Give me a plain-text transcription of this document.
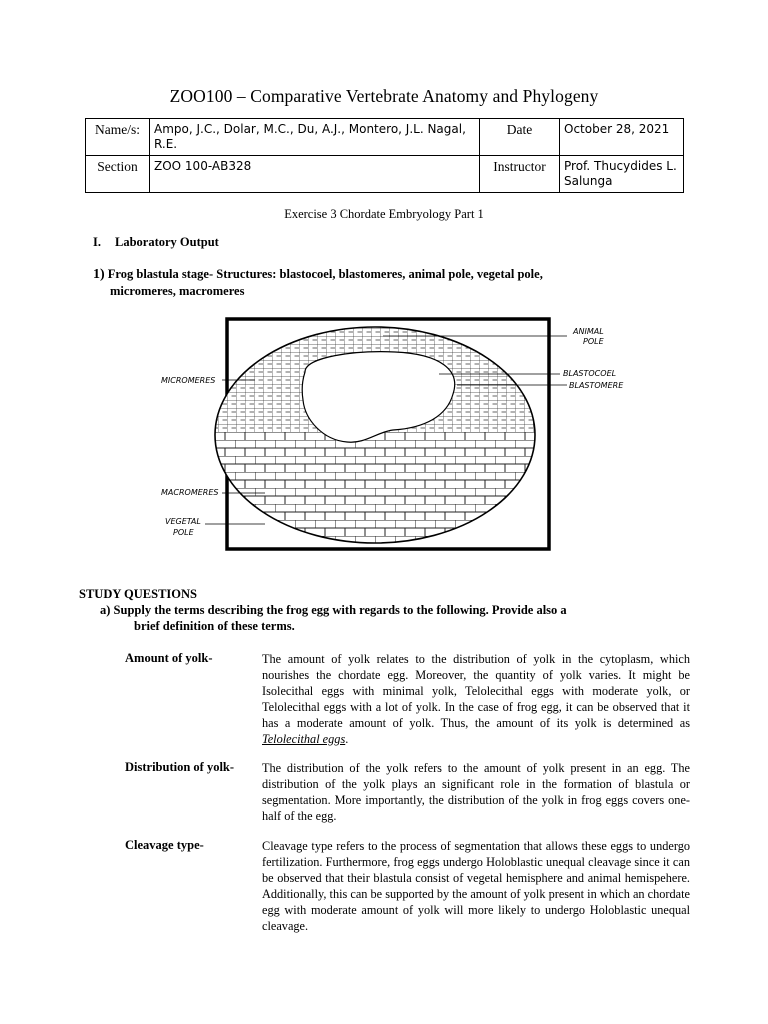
ZOO100 – Comparative Vertebrate Anatomy and Phylogeny
Name/s:	Ampo, J.C., Dolar, M.C., Du, A.J., Montero, J.L. Nagal, R.E.	Date	October 28, 2021
Section	ZOO 100-AB328	Instructor	Prof. Thucydides L. Salunga
Exercise 3 Chordate Embryology Part 1
I. Laboratory Output
1) Frog blastula stage- Structures: blastocoel, blastomeres, animal pole, vegetal pole,
micromeres, macromeres
ANIMAL
POLE
BLASTOCOEL
BLASTOMERE
MICROMERES
MACROMERES
VEGETAL
POLE
STUDY QUESTIONS
a) Supply the terms describing the frog egg with regards to the following. Provide also a
brief definition of these terms.
Amount of yolk-	The amount of yolk relates to the distribution of yolk in the cytoplasm, which nourishes the chordate egg. Moreover, the quantity of yolk varies. It might be Isolecithal eggs with minimal yolk, Telolecithal eggs with moderate yolk, or Telolecithal eggs with a lot of yolk. In the case of frog egg, it can be observed that it has a moderate amount of yolk. Thus, the amount of its yolk is determined as Telolecithal eggs.
Distribution of yolk- The distribution of the yolk refers to the amount of yolk present in an egg. The distribution of the yolk plays an significant role in the formation of blastula or segmentation. More importantly, the distribution of the yolk in frog eggs covers one-half of the egg.
Cleavage type-	Cleavage type refers to the process of segmentation that allows these eggs to undergo fertilization. Furthermore, frog eggs undergo Holoblastic unequal cleavage since it can be observed that their blastula consist of vegetal hemisphere and animal hemispehere. Additionally, this can be supported by the amount of yolk present in which an chordate egg with moderate amount of yolk will more likely to undergo Holoblastic unequal cleavage.
